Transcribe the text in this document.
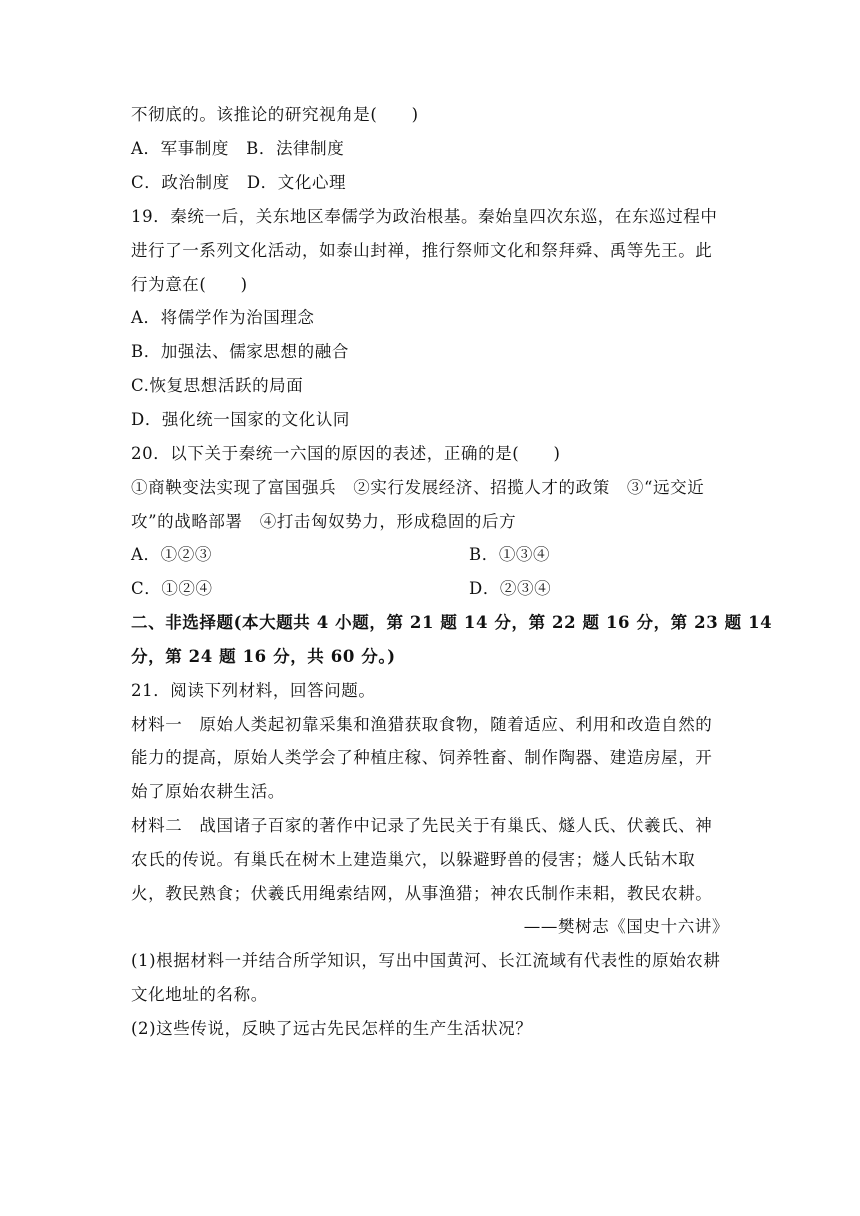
不彻底的。该推论的研究视角是(　　)
A．军事制度　B．法律制度
C．政治制度　D．文化心理
19．秦统一后，关东地区奉儒学为政治根基。秦始皇四次东巡，在东巡过程中
进行了一系列文化活动，如泰山封禅，推行祭师文化和祭拜舜、禹等先王。此
行为意在(　　)
A．将儒学作为治国理念
B．加强法、儒家思想的融合
C.恢复思想活跃的局面
D．强化统一国家的文化认同
20．以下关于秦统一六国的原因的表述，正确的是(　　)
①商鞅变法实现了富国强兵　②实行发展经济、招揽人才的政策　③“远交近
攻”的战略部署　④打击匈奴势力，形成稳固的后方
A．①②③	B．①③④
C．①②④	D．②③④
二、非选择题(本大题共 4 小题，第 21 题 14 分，第 22 题 16 分，第 23 题 14
分，第 24 题 16 分，共 60 分。)
21．阅读下列材料，回答问题。
材料一　原始人类起初靠采集和渔猎获取食物，随着适应、利用和改造自然的
能力的提高，原始人类学会了种植庄稼、饲养牲畜、制作陶器、建造房屋，开
始了原始农耕生活。
材料二　战国诸子百家的著作中记录了先民关于有巢氏、燧人氏、伏羲氏、神
农氏的传说。有巢氏在树木上建造巢穴，以躲避野兽的侵害；燧人氏钻木取
火，教民熟食；伏羲氏用绳索结网，从事渔猎；神农氏制作耒耜，教民农耕。
——樊树志《国史十六讲》
(1)根据材料一并结合所学知识，写出中国黄河、长江流域有代表性的原始农耕
文化地址的名称。
(2)这些传说，反映了远古先民怎样的生产生活状况？
